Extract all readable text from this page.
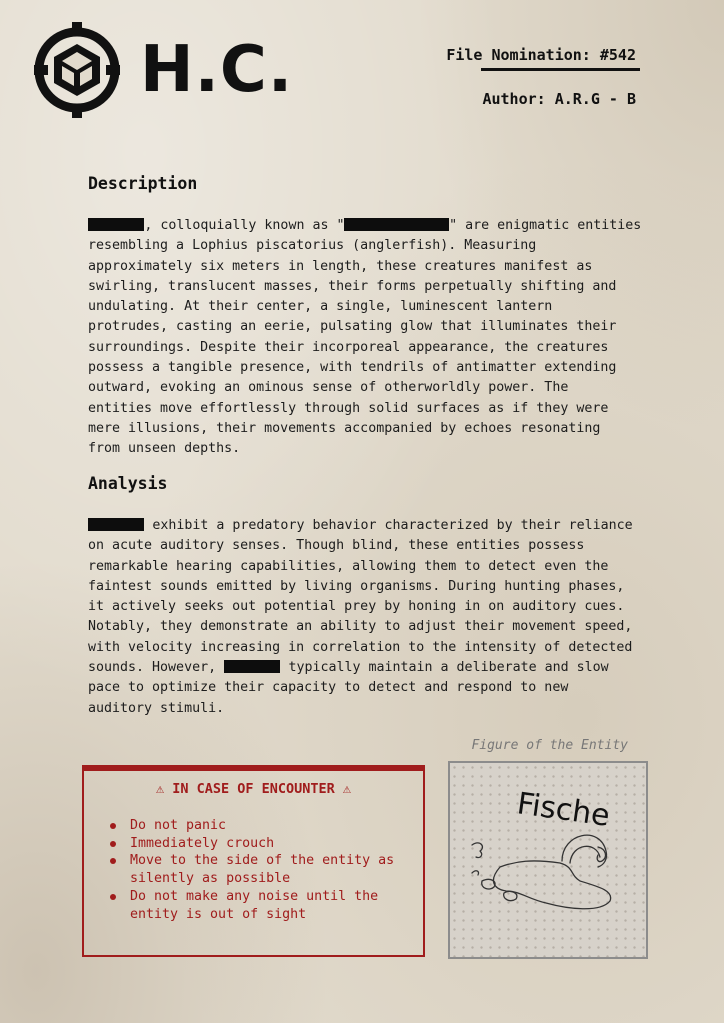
H.C.	File Nomination: #542
Author: A.R.G - B
Description
, colloquially known as "	" are enigmatic entities
resembling a Lophius piscatorius (anglerfish). Measuring
approximately six meters in length, these creatures manifest as
swirling, translucent masses, their forms perpetually shifting and
undulating. At their center, a single, luminescent lantern
protrudes, casting an eerie, pulsating glow that illuminates their
surroundings. Despite their incorporeal appearance, the creatures
possess a tangible presence, with tendrils of antimatter extending
outward, evoking an ominous sense of otherworldly power. The
entities move effortlessly through solid surfaces as if they were
mere illusions, their movements accompanied by echoes resonating
from unseen depths.
Analysis
exhibit a predatory behavior characterized by their reliance
on acute auditory senses. Though blind, these entities possess
remarkable hearing capabilities, allowing them to detect even the
faintest sounds emitted by living organisms. During hunting phases,
it actively seeks out potential prey by honing in on auditory cues.
Notably, they demonstrate an ability to adjust their movement speed,
with velocity increasing in correlation to the intensity of detected
sounds. However,	typically maintain a deliberate and slow
pace to optimize their capacity to detect and respond to new
auditory stimuli.
⚠ IN CASE OF ENCOUNTER ⚠
Do not panic
Immediately crouch
Move to the side of the entity as silently as possible
Do not make any noise until the entity is out of sight
Figure of the Entity
Fische
